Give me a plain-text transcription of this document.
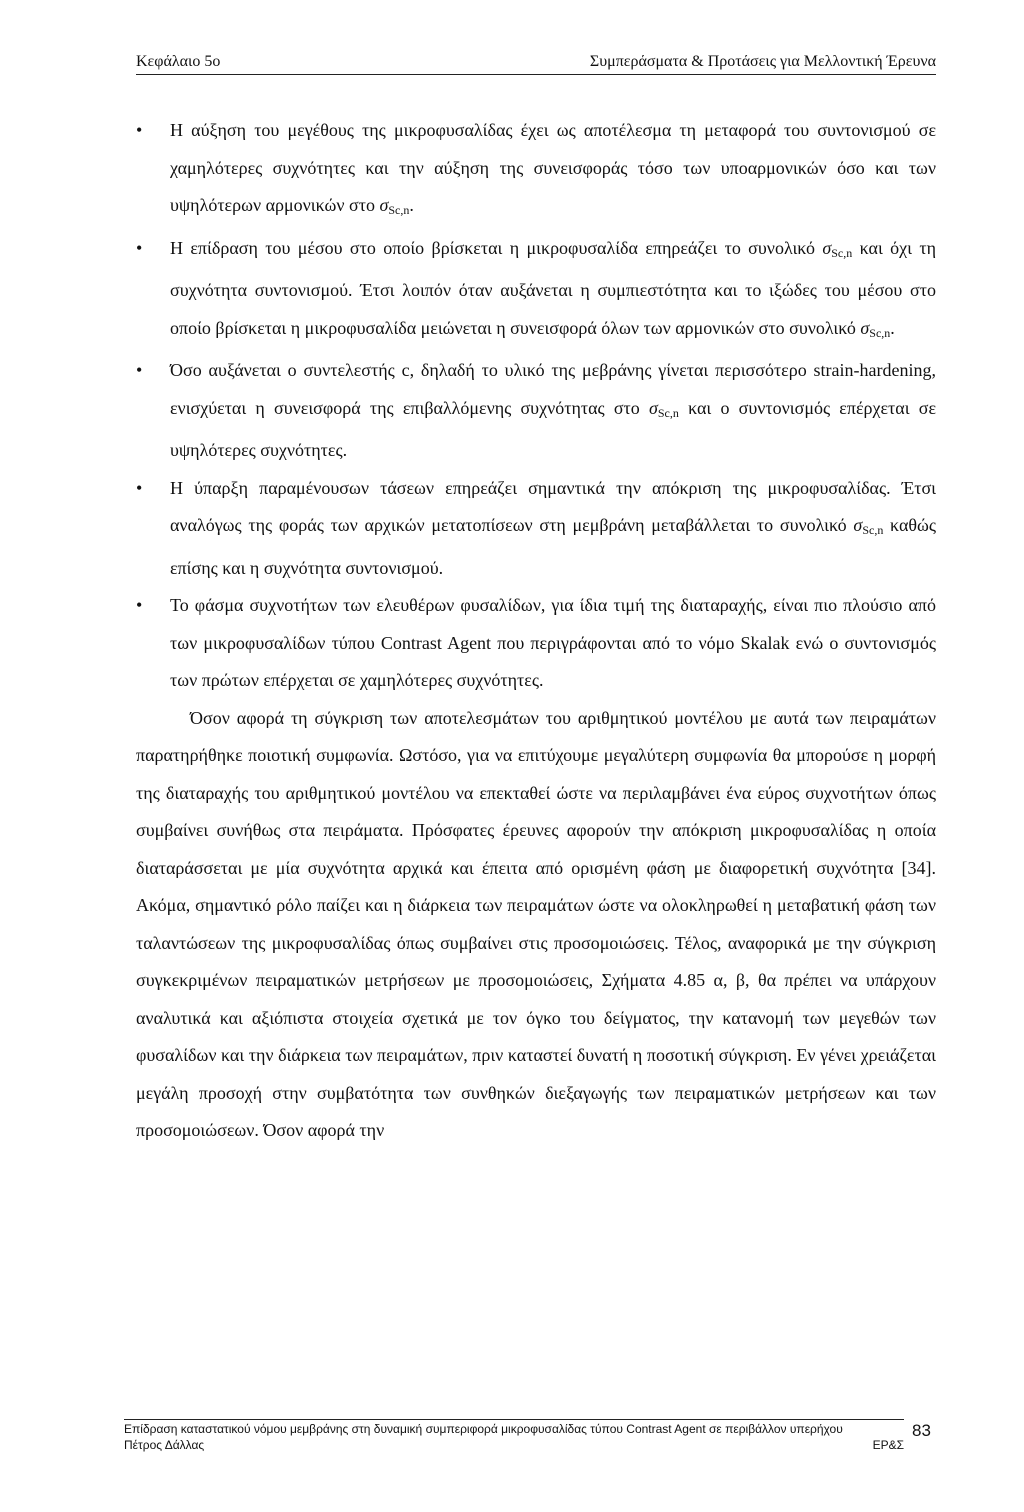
Κεφάλαιο 5ο	Συμπεράσματα & Προτάσεις για Μελλοντική Έρευνα
• Η αύξηση του μεγέθους της μικροφυσαλίδας έχει ως αποτέλεσμα τη μεταφορά του συντονισμού σε χαμηλότερες συχνότητες και την αύξηση της συνεισφοράς τόσο των υποαρμονικών όσο και των υψηλότερων αρμονικών στο $\sigma_{Sc,n}$.
• Η επίδραση του μέσου στο οποίο βρίσκεται η μικροφυσαλίδα επηρεάζει το συνολικό $\sigma_{Sc,n}$ και όχι τη συχνότητα συντονισμού. Έτσι λοιπόν όταν αυξάνεται η συμπιεστότητα και το ιξώδες του μέσου στο οποίο βρίσκεται η μικροφυσαλίδα μειώνεται η συνεισφορά όλων των αρμονικών στο συνολικό $\sigma_{Sc,n}$.
• Όσο αυξάνεται ο συντελεστής c, δηλαδή το υλικό της μεβράνης γίνεται περισσότερο strain-hardening, ενισχύεται η συνεισφορά της επιβαλλόμενης συχνότητας στο $\sigma_{Sc,n}$ και ο συντονισμός επέρχεται σε υψηλότερες συχνότητες.
• Η ύπαρξη παραμένουσων τάσεων επηρεάζει σημαντικά την απόκριση της μικροφυσαλίδας. Έτσι αναλόγως της φοράς των αρχικών μετατοπίσεων στη μεμβράνη μεταβάλλεται το συνολικό $\sigma_{Sc,n}$ καθώς επίσης και η συχνότητα συντονισμού.
• Το φάσμα συχνοτήτων των ελευθέρων φυσαλίδων, για ίδια τιμή της διαταραχής, είναι πιο πλούσιο από των μικροφυσαλίδων τύπου Contrast Agent που περιγράφονται από το νόμο Skalak ενώ ο συντονισμός των πρώτων επέρχεται σε χαμηλότερες συχνότητες.

Όσον αφορά τη σύγκριση των αποτελεσμάτων του αριθμητικού μοντέλου με αυτά των πειραμάτων παρατηρήθηκε ποιοτική συμφωνία. Ωστόσο, για να επιτύχουμε μεγαλύτερη συμφωνία θα μπορούσε η μορφή της διαταραχής του αριθμητικού μοντέλου να επεκταθεί ώστε να περιλαμβάνει ένα εύρος συχνοτήτων όπως συμβαίνει συνήθως στα πειράματα. Πρόσφατες έρευνες αφορούν την απόκριση μικροφυσαλίδας η οποία διαταράσσεται με μία συχνότητα αρχικά και έπειτα από ορισμένη φάση με διαφορετική συχνότητα [34]. Ακόμα, σημαντικό ρόλο παίζει και η διάρκεια των πειραμάτων ώστε να ολοκληρωθεί η μεταβατική φάση των ταλαντώσεων της μικροφυσαλίδας όπως συμβαίνει στις προσομοιώσεις. Τέλος, αναφορικά με την σύγκριση συγκεκριμένων πειραματικών μετρήσεων με προσομοιώσεις, Σχήματα 4.85 α, β, θα πρέπει να υπάρχουν αναλυτικά και αξιόπιστα στοιχεία σχετικά με τον όγκο του δείγματος, την κατανομή των μεγεθών των φυσαλίδων και την διάρκεια των πειραμάτων, πριν καταστεί δυνατή η ποσοτική σύγκριση. Εν γένει χρειάζεται μεγάλη προσοχή στην συμβατότητα των συνθηκών διεξαγωγής των πειραματικών μετρήσεων και των προσομοιώσεων. Όσον αφορά την

Επίδραση καταστατικού νόμου μεμβράνης στη δυναμική συμπεριφορά μικροφυσαλίδας τύπου Contrast Agent σε περιβάλλον υπερήχου
Πέτρος Δάλλας	ΕΡ&Σ
83
